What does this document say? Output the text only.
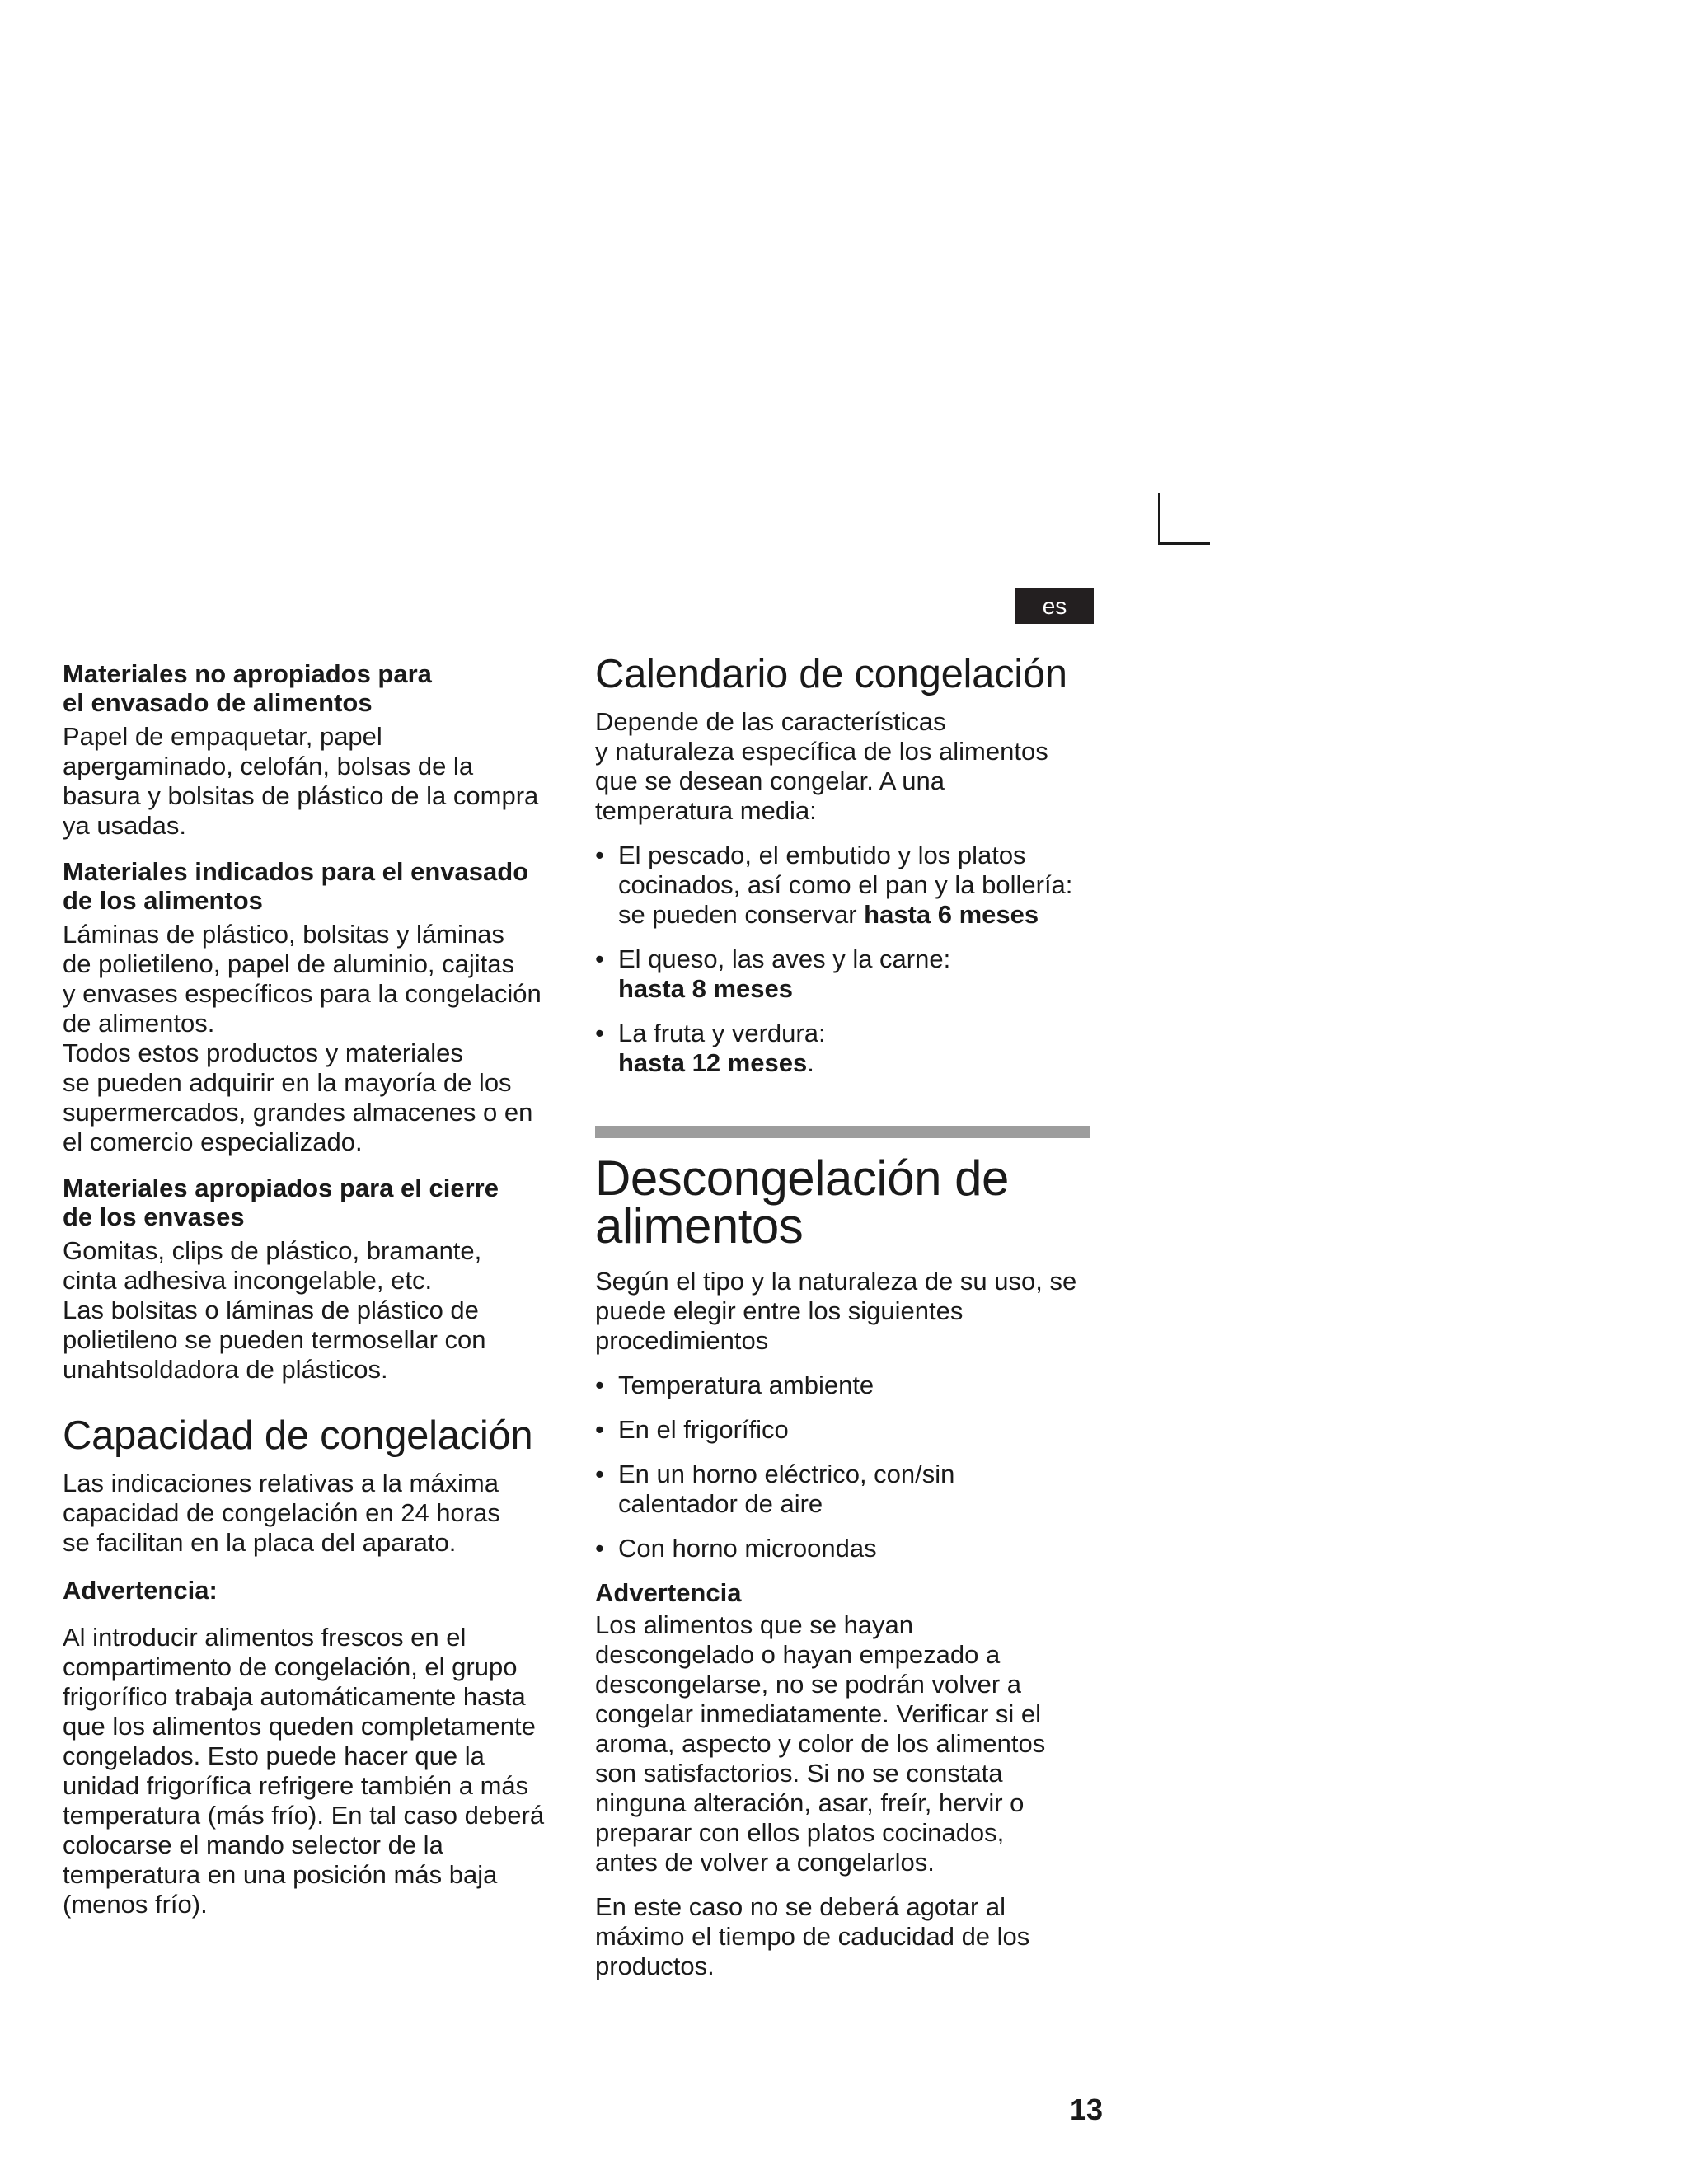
es

Materiales no apropiados para
el envasado de alimentos

Papel de empaquetar, papel
apergaminado, celofán, bolsas de la
basura y bolsitas de plástico de la compra
ya usadas.

Materiales indicados para el envasado
de los alimentos

Láminas de plástico, bolsitas y láminas
de polietileno, papel de aluminio, cajitas
y envases específicos para la congelación
de alimentos.
Todos estos productos y materiales
se pueden adquirir en la mayoría de los
supermercados, grandes almacenes o en
el comercio especializado.

Materiales apropiados para el cierre
de los envases

Gomitas, clips de plástico, bramante,
cinta adhesiva incongelable, etc.
Las bolsitas o láminas de plástico de
polietileno se pueden termosellar con
unahtsoldadora de plásticos.

Capacidad de congelación

Las indicaciones relativas a la máxima
capacidad de congelación en 24 horas
se facilitan en la placa del aparato.

Advertencia:

Al introducir alimentos frescos en el
compartimento de congelación, el grupo
frigorífico trabaja automáticamente hasta
que los alimentos queden completamente
congelados. Esto puede hacer que la
unidad frigorífica refrigere también a más
temperatura (más frío). En tal caso deberá
colocarse el mando selector de la
temperatura en una posición más baja
(menos frío).

Calendario de congelación

Depende de las características
y naturaleza específica de los alimentos
que se desean congelar. A una
temperatura media:

• El pescado, el embutido y los platos
cocinados, así como el pan y la bollería:
se pueden conservar hasta 6 meses
• El queso, las aves y la carne:
hasta 8 meses
• La fruta y verdura:
hasta 12 meses.
Descongelación de
alimentos

Según el tipo y la naturaleza de su uso, se
puede elegir entre los siguientes
procedimientos

• Temperatura ambiente
• En el frigorífico
• En un horno eléctrico, con/sin
calentador de aire
• Con horno microondas

Advertencia

Los alimentos que se hayan
descongelado o hayan empezado a
descongelarse, no se podrán volver a
congelar inmediatamente. Verificar si el
aroma, aspecto y color de los alimentos
son satisfactorios. Si no se constata
ninguna alteración, asar, freír, hervir o
preparar con ellos platos cocinados,
antes de volver a congelarlos.

En este caso no se deberá agotar al
máximo el tiempo de caducidad de los
productos.

13
